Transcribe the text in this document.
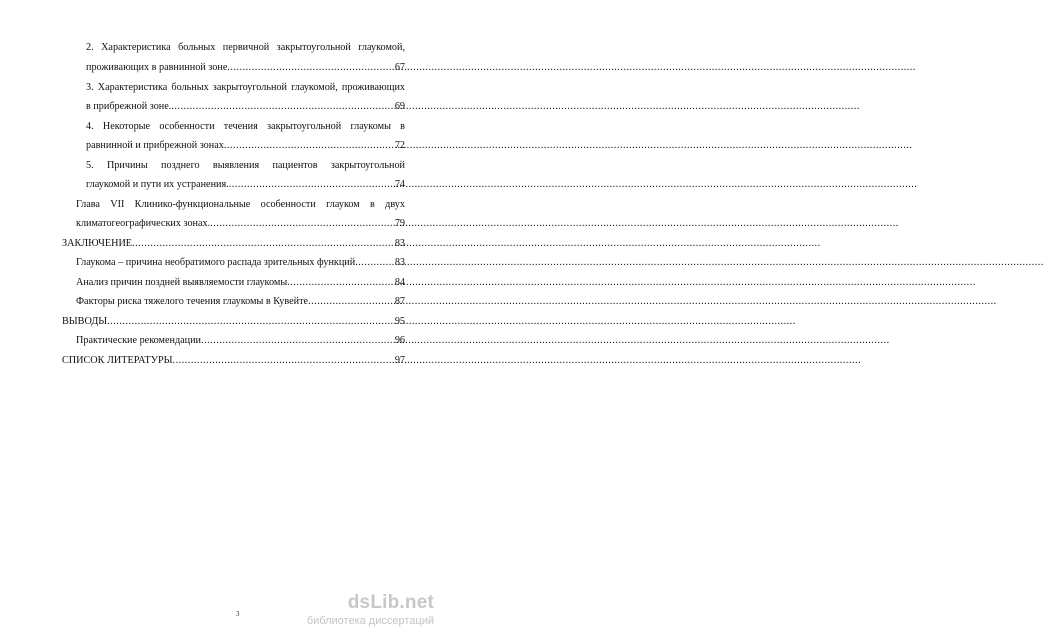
2. Характеристика больных первичной закрытоугольной глаукомой,
проживающих в равнинной зоне .....	67
3. Характеристика больных закрытоугольной глаукомой, проживающих
в прибрежной зоне. .....	69
4. Некоторые особенности течения закрытоугольной глаукомы в
равнинной и прибрежной зонах .....	72
5. Причины позднего выявления пациентов закрытоугольной
глаукомой и пути их устранения. .....	74
Глава VII Клинико-функциональные особенности глауком в двух
климатогеографических зонах. .....	79
ЗАКЛЮЧЕНИЕ .....	83
Глаукома – причина необратимого распада зрительных функций .....	83
Анализ причин поздней выявляемости глаукомы .....	84
Факторы риска тяжелого течения глаукомы в Кувейте .....	87
ВЫВОДЫ .....	95
Практические рекомендации .....	96
СПИСОК ЛИТЕРАТУРЫ .....	97
3
dsLib.net
библиотека диссертаций
